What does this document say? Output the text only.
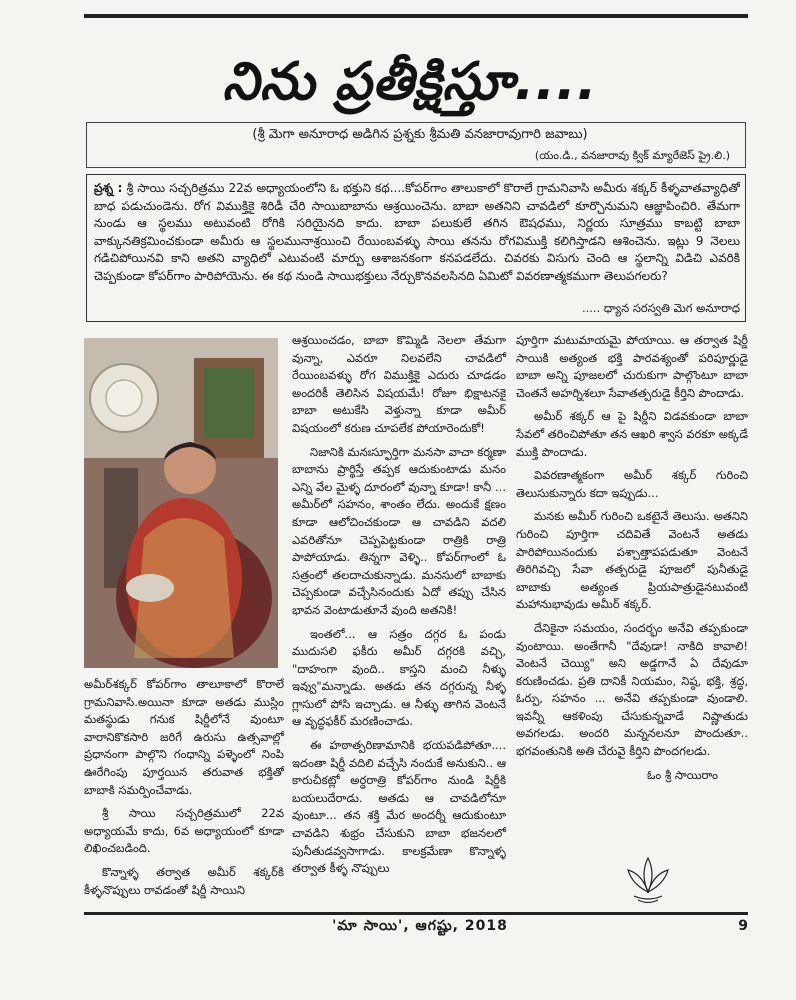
నిను ప్రతీక్షిస్తూ....
(శ్రీ మెగా అనూరాధ అడిగిన ప్రశ్నకు శ్రీమతి వనజారావుగారి జవాబు)
(యం.డి., వనజారావు క్విక్ మ్యారేజెస్ ప్రై.లి.)
ప్రశ్న : శ్రీ సాయి సచ్చరిత్రము 22వ అధ్యాయంలోని ఓ భక్తుని కథ....కోపర్‌గాం తాలుకాలో కొరాలే గ్రామనివాసి అమీరు శక్కర్ కీళ్ళవాతవ్యాధితో బాధ పడుచుండెను. రోగ విముక్తికై శిరిడీ చేరి సాయిబాబాను ఆశ్రయించెను. బాబా అతనిని చావడిలో కూర్చొనుమని ఆజ్ఞాపించిరి. తేమగా నుండు ఆ స్థలము అటువంటి రోగికి సరియైనది కాదు. బాబా పలుకులే తగిన ఔషధము, నిర్ణయ సూత్రము కాబట్టి బాబా వాక్కునతిక్రమించకుండా అమీరు ఆ స్థలమునాశ్రయించి రేయింబవళ్ళు సాయి తనను రోగవిముక్తి కలిగిస్తాడని ఆశించెను. ఇట్లు 9 నెలలు గడిచిపోయినవి కాని అతని వ్యాధిలో ఎటువంటి మార్పు ఆశాజనకంగా కనపడలేదు. చివరకు విసుగు చెంది ఆ స్థలాన్ని విడిచి ఎవరికి చెప్పకుండా కోపర్‌గాం పారిపోయెను. ఈ కథ నుండి సాయిభక్తులు నేర్చుకొనవలసినది ఏమిటో వివరణాత్మకముగా తెలుపగలరు?
..... ధ్యాన సరస్వతి మెగ అనూరాధ

అమీర్‌శక్కర్ కోపర్‌గాం తాలూకాలో కొరాలే గ్రామనివాసి.అయినా కూడా అతడు ముస్లిం మతస్థుడు గనుక షిర్డీలోనే వుంటూ వారానికొకసారి జరిగే ఉరుసు ఉత్సవాల్లో ప్రధానంగా పాల్గొని గంధాన్ని పళ్ళెంలో నింపి ఊరేగింపు పూర్తయిన తరువాత భక్తితో బాబాకి సమర్పించేవాడు.

శ్రీ సాయి సచ్చరిత్రములో 22వ అధ్యాయమే కాదు, 6వ అధ్యాయంలో కూడా లిఖించబడింది.

కొన్నాళ్ళ తర్వాత అమీర్ శక్కర్‌కి కీళ్ళనొప్పులు రావడంతో షిర్డీ సాయిని

ఆశ్రయించడం, బాబా కొమ్మిడి నెలలా తేమగా వున్నా, ఎవరూ నిలవలేని చావడిలో రేయింబవళ్ళు రోగ విముక్తికై ఎదురు చూడడం అందరికీ తెలిసిన విషయమే! రోజూ భిక్షాటనకై బాబా అటుకేసి వెళ్తున్నా కూడా అమీర్ విషయంలో కరుణ చూపలేక పోయారెందుకో!

నిజానికి మనఃస్ఫూర్తిగా మనసా వాచా కర్మణా బాబాను ప్రార్థిస్తే తప్పక ఆదుకుంటాడు మనం ఎన్ని వేల మైళ్ళ దూరంలో వున్నా కూడా! కానీ ... అమీర్‌లో సహనం, శాంతం లేదు. అందుకే క్షణం కూడా ఆలోచించకుండా ఆ చావడిని వదలి ఎవరితోనూ చెప్పపెట్టకుండా రాత్రికి రాత్రి పాపోయాడు. తిన్నగా వెళ్ళి.. కోపర్‌గాంలో ఓ సత్రంలో తలదాచుకున్నాడు. మనసులో బాబాకు చెప్పకుండా వచ్చేసినందుకు ఏదో తప్పు చేసిన భావన వెంటాడుతూనే వుంది అతనికి!

ఇంతలో... ఆ సత్రం దగ్గర ఓ పండు ముదుసలి ఫకీరు అమీర్ దగ్గరకి వచ్చి, "దాహంగా వుంది.. కాస్తని మంచి నీళ్ళు ఇవ్వు"మన్నాడు. అతడు తన దగ్గరున్న నీళ్ళ గ్లాసులో పోసి ఇచ్చాడు. ఆ నీళ్ళు తాగిన వెంటనే ఆ వృద్ధఫకీర్ మరణించాడు.

ఈ హఠాత్పరిణామానికి భయపడిపోతూ.... ఇదంతా షిర్డీ వదిలి వచ్చేసి నందుకే అనుకుని.. ఆ కారుచీకట్లో అర్ధరాత్రి కోపర్‌గాం నుండి షిర్డీకి బయలుదేరాడు. అతడు ఆ చావడిలోనూ వుంటూ... తన శక్తి మేర అందర్నీ ఆదుకుంటూ చావడిని శుభ్రం చేసుకుని బాబా భజనలలో పునీతుడవ్వసాగాడు. కాలక్రమేణా కొన్నాళ్ళ తర్వాత కీళ్ళ నొప్పులు

పూర్తిగా మటుమాయమై పోయాయి. ఆ తర్వాత షిర్డీ సాయికి అత్యంత భక్తి పారవశ్యంతో పరిపూర్ణుడై బాబా అన్ని పూజలలో చురుకుగా పాల్గొంటూ బాబా చెంతనే అహర్నిశలూ సేవాతత్పరుడై కీర్తిని పొందాడు.

అమీర్ శక్కర్ ఆ పై షిర్డీని విడవకుండా బాబా సేవలో తరించిపోతూ తన ఆఖరి శ్వాస వరకూ అక్కడే ముక్తి పొందాడు.

వివరణాత్మకంగా అమీర్ శక్కర్ గురించి తెలుసుకున్నారు కదా ఇప్పుడు...

మనకు అమీర్ గురించి ఒకటైనే తెలుసు. అతనిని గురించి పూర్తిగా చదివితే వెంటనే అతడు పారిపోయినందుకు పశ్చాత్తాపపడుతూ వెంటనే తిరిగివచ్చి సేవా తత్పరుడై పూజలో పునీతుడై బాబాకు అత్యంత ప్రియపాత్రుడైనటువంటి మహానుభావుడు అమీర్ శక్కర్.

దేనికైనా సమయం, సందర్భం అనేవి తప్పకుండా వుంటాయి. అంతేగానీ "దేవుడా! నాకిది కావాలి! వెంటనే చెయ్యి" అని అడ్డగానే ఏ దేవుడూ కరుణించడు. ప్రతి దానికీ నియమం, నిష్ఠ, భక్తి, శ్రద్ధ, ఓర్పు, సహనం ... అనేవి తప్పకుండా వుండాలి. ఇవన్నీ ఆకళింపు చేసుకున్నవాడే నిష్ణాతుడు అవగలడు. అందరి మన్ననలనూ పొందుతూ.. భగవంతునికి అతి చేరువై కీర్తిని పొందగలడు.

ఓం శ్రీ సాయిరాం

'మా సాయి', ఆగష్టు, 2018	9
